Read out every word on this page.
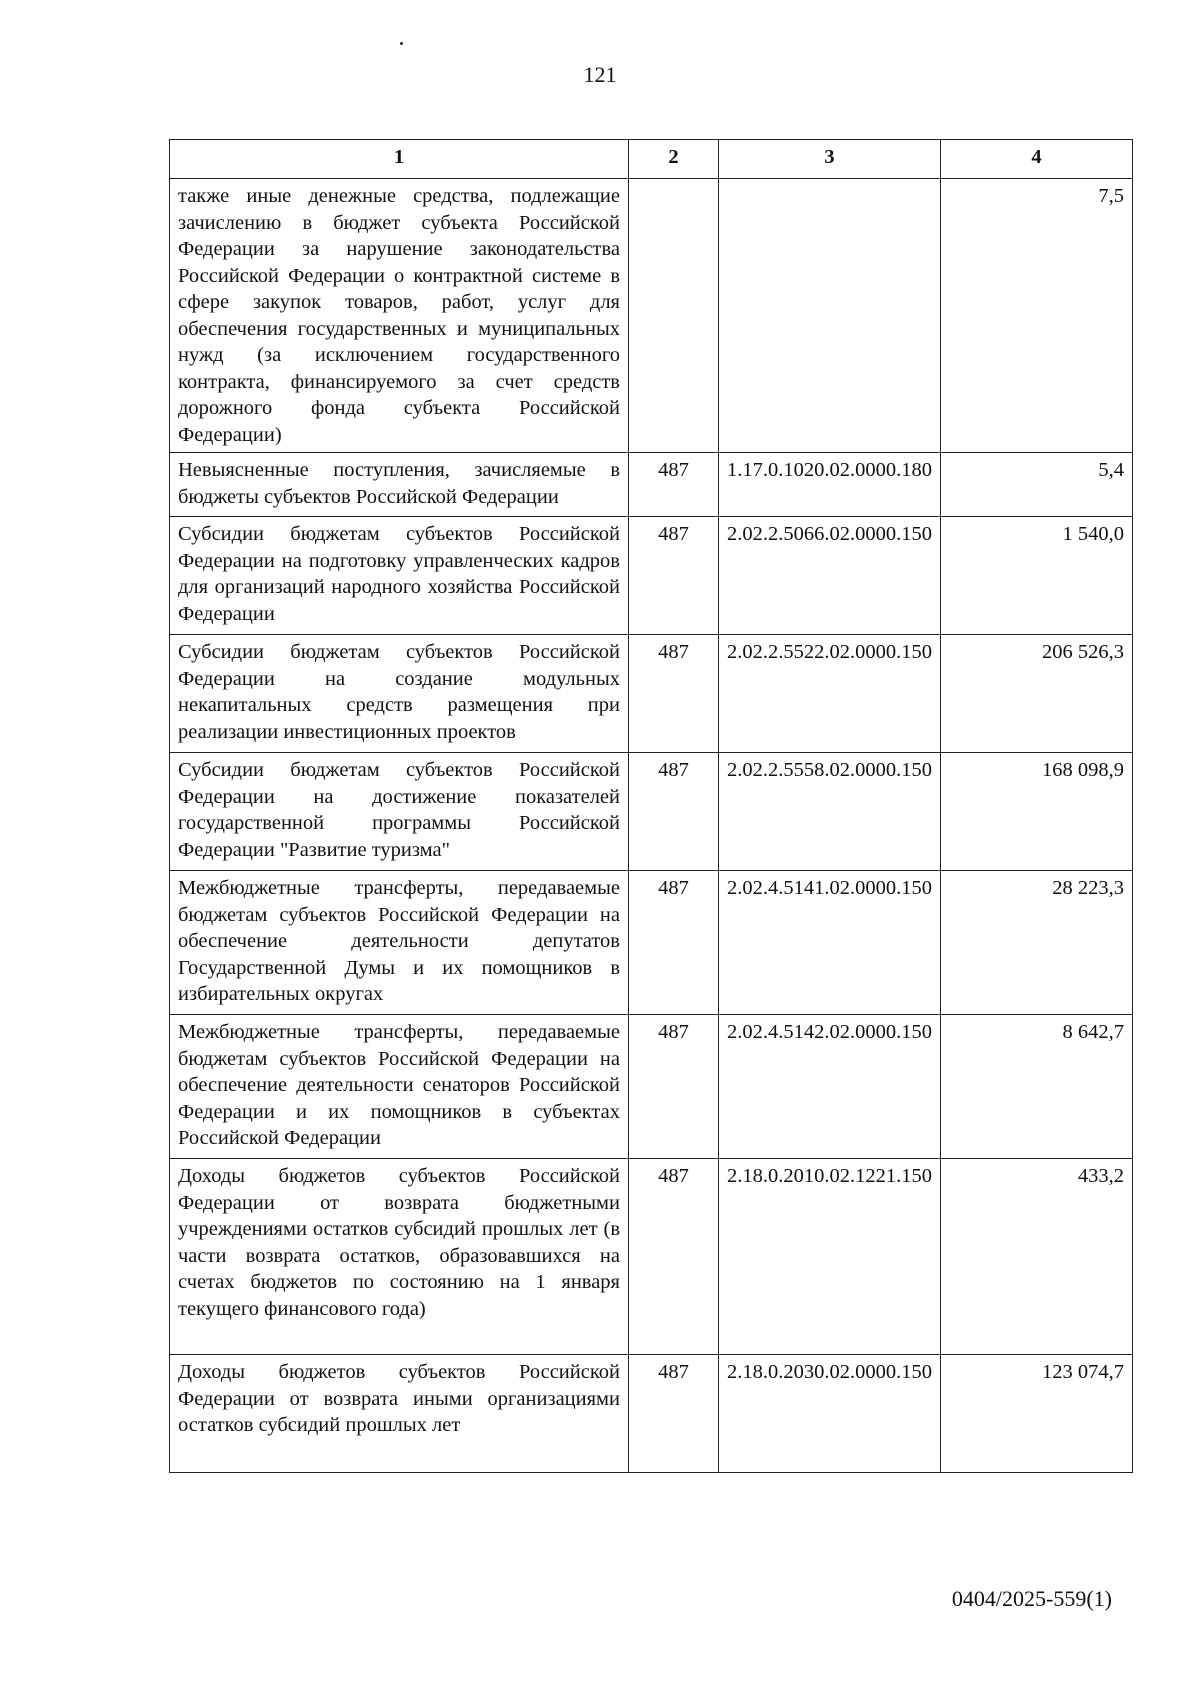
121
1	2	3	4
также иные денежные средства, подлежащие зачислению в бюджет субъекта Российской Федерации за нарушение законодательства Российской Федерации о контрактной системе в сфере закупок товаров, работ, услуг для обеспечения государственных и муниципальных нужд (за исключением государственного контракта, финансируемого за счет средств дорожного фонда субъекта Российской Федерации)			7,5
Невыясненные поступления, зачисляемые в бюджеты субъектов Российской Федерации	487	1.17.0.1020.02.0000.180	5,4
Субсидии бюджетам субъектов Российской Федерации на подготовку управленческих кадров для организаций народного хозяйства Российской Федерации	487	2.02.2.5066.02.0000.150	1 540,0
Субсидии бюджетам субъектов Российской Федерации на создание модульных некапитальных средств размещения при реализации инвестиционных проектов	487	2.02.2.5522.02.0000.150	206 526,3
Субсидии бюджетам субъектов Российской Федерации на достижение показателей государственной программы Российской Федерации "Развитие туризма"	487	2.02.2.5558.02.0000.150	168 098,9
Межбюджетные трансферты, передаваемые бюджетам субъектов Российской Федерации на обеспечение деятельности депутатов Государственной Думы и их помощников в избирательных округах	487	2.02.4.5141.02.0000.150	28 223,3
Межбюджетные трансферты, передаваемые бюджетам субъектов Российской Федерации на обеспечение деятельности сенаторов Российской Федерации и их помощников в субъектах Российской Федерации	487	2.02.4.5142.02.0000.150	8 642,7
Доходы бюджетов субъектов Российской Федерации от возврата бюджетными учреждениями остатков субсидий прошлых лет (в части возврата остатков, образовавшихся на счетах бюджетов по состоянию на 1 января текущего финансового года)	487	2.18.0.2010.02.1221.150	433,2
Доходы бюджетов субъектов Российской Федерации от возврата иными организациями остатков субсидий прошлых лет	487	2.18.0.2030.02.0000.150	123 074,7
0404/2025-559(1)
